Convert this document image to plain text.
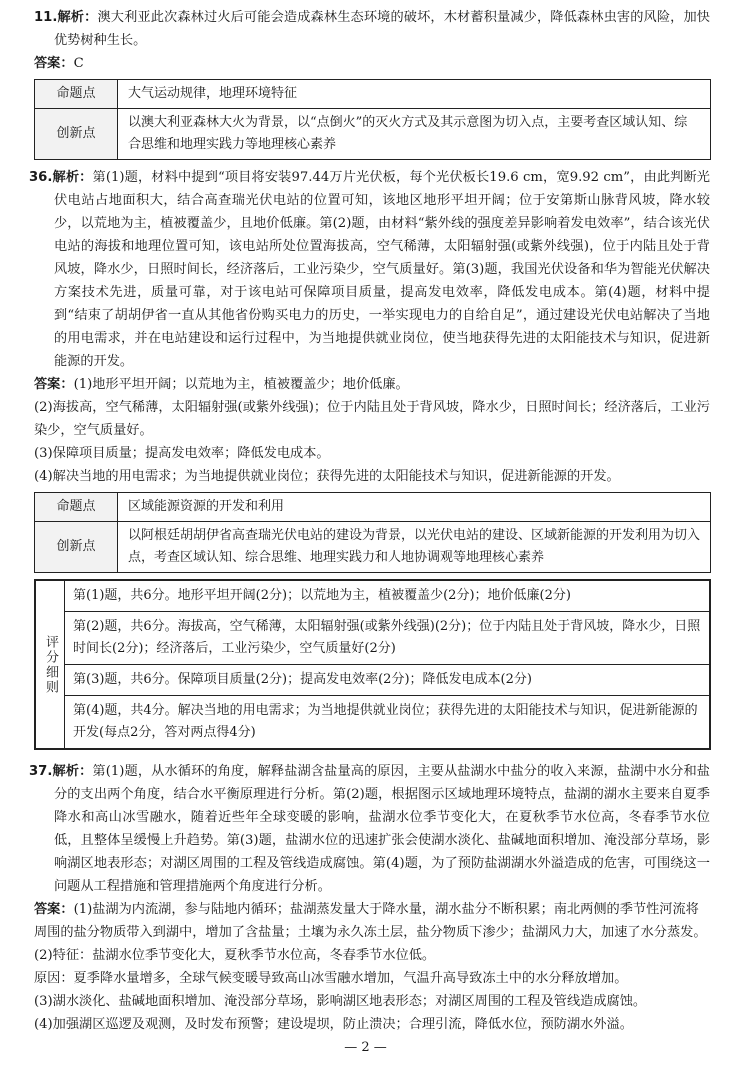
11.解析：澳大利亚此次森林过火后可能会造成森林生态环境的破坏，木材蓄积量减少，降低森林虫害的风险，加快优势树种生长。

答案：C

命题点	大气运动规律，地理环境特征
创新点	以澳大利亚森林大火为背景，以“点倒火”的灭火方式及其示意图为切入点，主要考查区域认知、综合思维和地理实践力等地理核心素养

36.解析：第(1)题，材料中提到“项目将安装97.44万片光伏板，每个光伏板长19.6 cm，宽9.92 cm”，由此判断光伏电站占地面积大，结合高查瑞光伏电站的位置可知，该地区地形平坦开阔；位于安第斯山脉背风坡，降水较少，以荒地为主，植被覆盖少，且地价低廉。第(2)题，由材料“紫外线的强度差异影响着发电效率”，结合该光伏电站的海拔和地理位置可知，该电站所处位置海拔高，空气稀薄，太阳辐射强(或紫外线强)，位于内陆且处于背风坡，降水少，日照时间长，经济落后，工业污染少，空气质量好。第(3)题，我国光伏设备和华为智能光伏解决方案技术先进，质量可靠，对于该电站可保障项目质量，提高发电效率，降低发电成本。第(4)题，材料中提到“结束了胡胡伊省一直从其他省份购买电力的历史，一举实现电力的自给自足”，通过建设光伏电站解决了当地的用电需求，并在电站建设和运行过程中，为当地提供就业岗位，使当地获得先进的太阳能技术与知识，促进新能源的开发。

答案：(1)地形平坦开阔；以荒地为主，植被覆盖少；地价低廉。

(2)海拔高，空气稀薄，太阳辐射强(或紫外线强)；位于内陆且处于背风坡，降水少，日照时间长；经济落后，工业污染少，空气质量好。

(3)保障项目质量；提高发电效率；降低发电成本。

(4)解决当地的用电需求；为当地提供就业岗位；获得先进的太阳能技术与知识，促进新能源的开发。

命题点	区域能源资源的开发和利用
创新点	以阿根廷胡胡伊省高查瑞光伏电站的建设为背景，以光伏电站的建设、区域新能源的开发利用为切入点，考查区域认知、综合思维、地理实践力和人地协调观等地理核心素养
评分细则	第(1)题，共6分。地形平坦开阔(2分)；以荒地为主，植被覆盖少(2分)；地价低廉(2分)
第(2)题，共6分。海拔高，空气稀薄，太阳辐射强(或紫外线强)(2分)；位于内陆且处于背风坡，降水少，日照时间长(2分)；经济落后，工业污染少，空气质量好(2分)
第(3)题，共6分。保障项目质量(2分)；提高发电效率(2分)；降低发电成本(2分)
第(4)题，共4分。解决当地的用电需求；为当地提供就业岗位；获得先进的太阳能技术与知识，促进新能源的开发(每点2分，答对两点得4分)

37.解析：第(1)题，从水循环的角度，解释盐湖含盐量高的原因，主要从盐湖水中盐分的收入来源，盐湖中水分和盐分的支出两个角度，结合水平衡原理进行分析。第(2)题，根据图示区域地理环境特点，盐湖的湖水主要来自夏季降水和高山冰雪融水，随着近些年全球变暖的影响，盐湖水位季节变化大，在夏秋季节水位高，冬春季节水位低，且整体呈缓慢上升趋势。第(3)题，盐湖水位的迅速扩张会使湖水淡化、盐碱地面积增加、淹没部分草场，影响湖区地表形态；对湖区周围的工程及管线造成腐蚀。第(4)题，为了预防盐湖湖水外溢造成的危害，可围绕这一问题从工程措施和管理措施两个角度进行分析。

答案：(1)盐湖为内流湖，参与陆地内循环；盐湖蒸发量大于降水量，湖水盐分不断积累；南北两侧的季节性河流将周围的盐分物质带入到湖中，增加了含盐量；土壤为永久冻土层，盐分物质下渗少；盐湖风力大，加速了水分蒸发。

(2)特征：盐湖水位季节变化大，夏秋季节水位高，冬春季节水位低。

原因：夏季降水量增多，全球气候变暖导致高山冰雪融水增加，气温升高导致冻土中的水分释放增加。

(3)湖水淡化、盐碱地面积增加、淹没部分草场，影响湖区地表形态；对湖区周围的工程及管线造成腐蚀。

(4)加强湖区巡逻及观测，及时发布预警；建设堤坝，防止溃决；合理引流，降低水位，预防湖水外溢。

— 2 —
